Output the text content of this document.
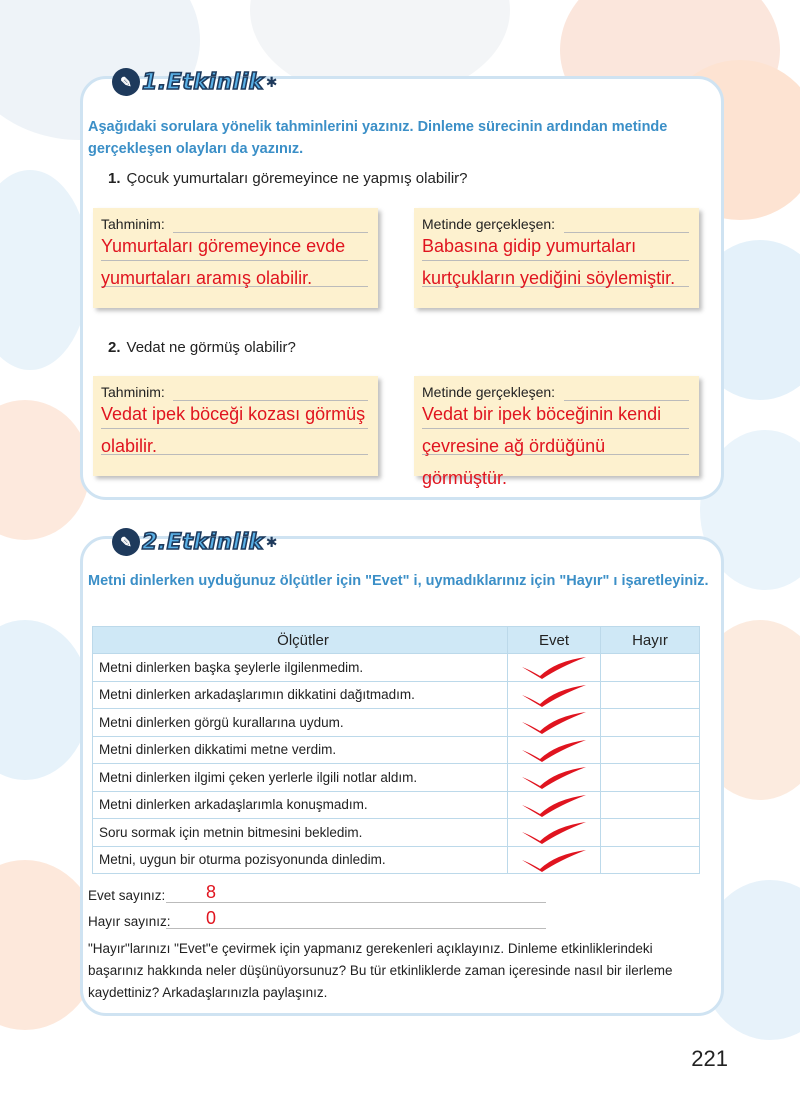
✎ 1 . Etkinlik ✱
Aşağıdaki sorulara yönelik tahminlerini yazınız. Dinleme sürecinin ardından metinde gerçekleşen olayları da yazınız.
1. Çocuk yumurtaları göremeyince ne yapmış olabilir?
Tahminim:
Yumurtaları göremeyince evde yumurtaları aramış olabilir.
Metinde gerçekleşen:
Babasına gidip yumurtaları kurtçukların yediğini söylemiştir.
2. Vedat ne görmüş olabilir?
Tahminim:
Vedat ipek böceği kozası görmüş olabilir.
Metinde gerçekleşen:
Vedat bir ipek böceğinin kendi çevresine ağ ördüğünü görmüştür.
✎ 2 . Etkinlik ✱
Metni dinlerken uyduğunuz ölçütler için "Evet" i, uymadıklarınız için "Hayır" ı işaretleyiniz.
Ölçütler	Evet	Hayır
Metni dinlerken başka şeylerle ilgilenmedim.	

Metni dinlerken arkadaşlarımın dikkatini dağıtmadım.	

Metni dinlerken görgü kurallarına uydum.	

Metni dinlerken dikkatimi metne verdim.	

Metni dinlerken ilgimi çeken yerlerle ilgili notlar aldım.	

Metni dinlerken arkadaşlarımla konuşmadım.	

Soru sormak için metnin bitmesini bekledim.	

Metni, uygun bir oturma pozisyonunda dinledim.	

Evet sayınız: 8
Hayır sayınız: 0
"Hayır"larınızı "Evet"e çevirmek için yapmanız gerekenleri açıklayınız. Dinleme etkinliklerindeki başarınız hakkında neler düşünüyorsunuz? Bu tür etkinliklerde zaman içeresinde nasıl bir ilerleme kaydettiniz? Arkadaşlarınızla paylaşınız.
221
